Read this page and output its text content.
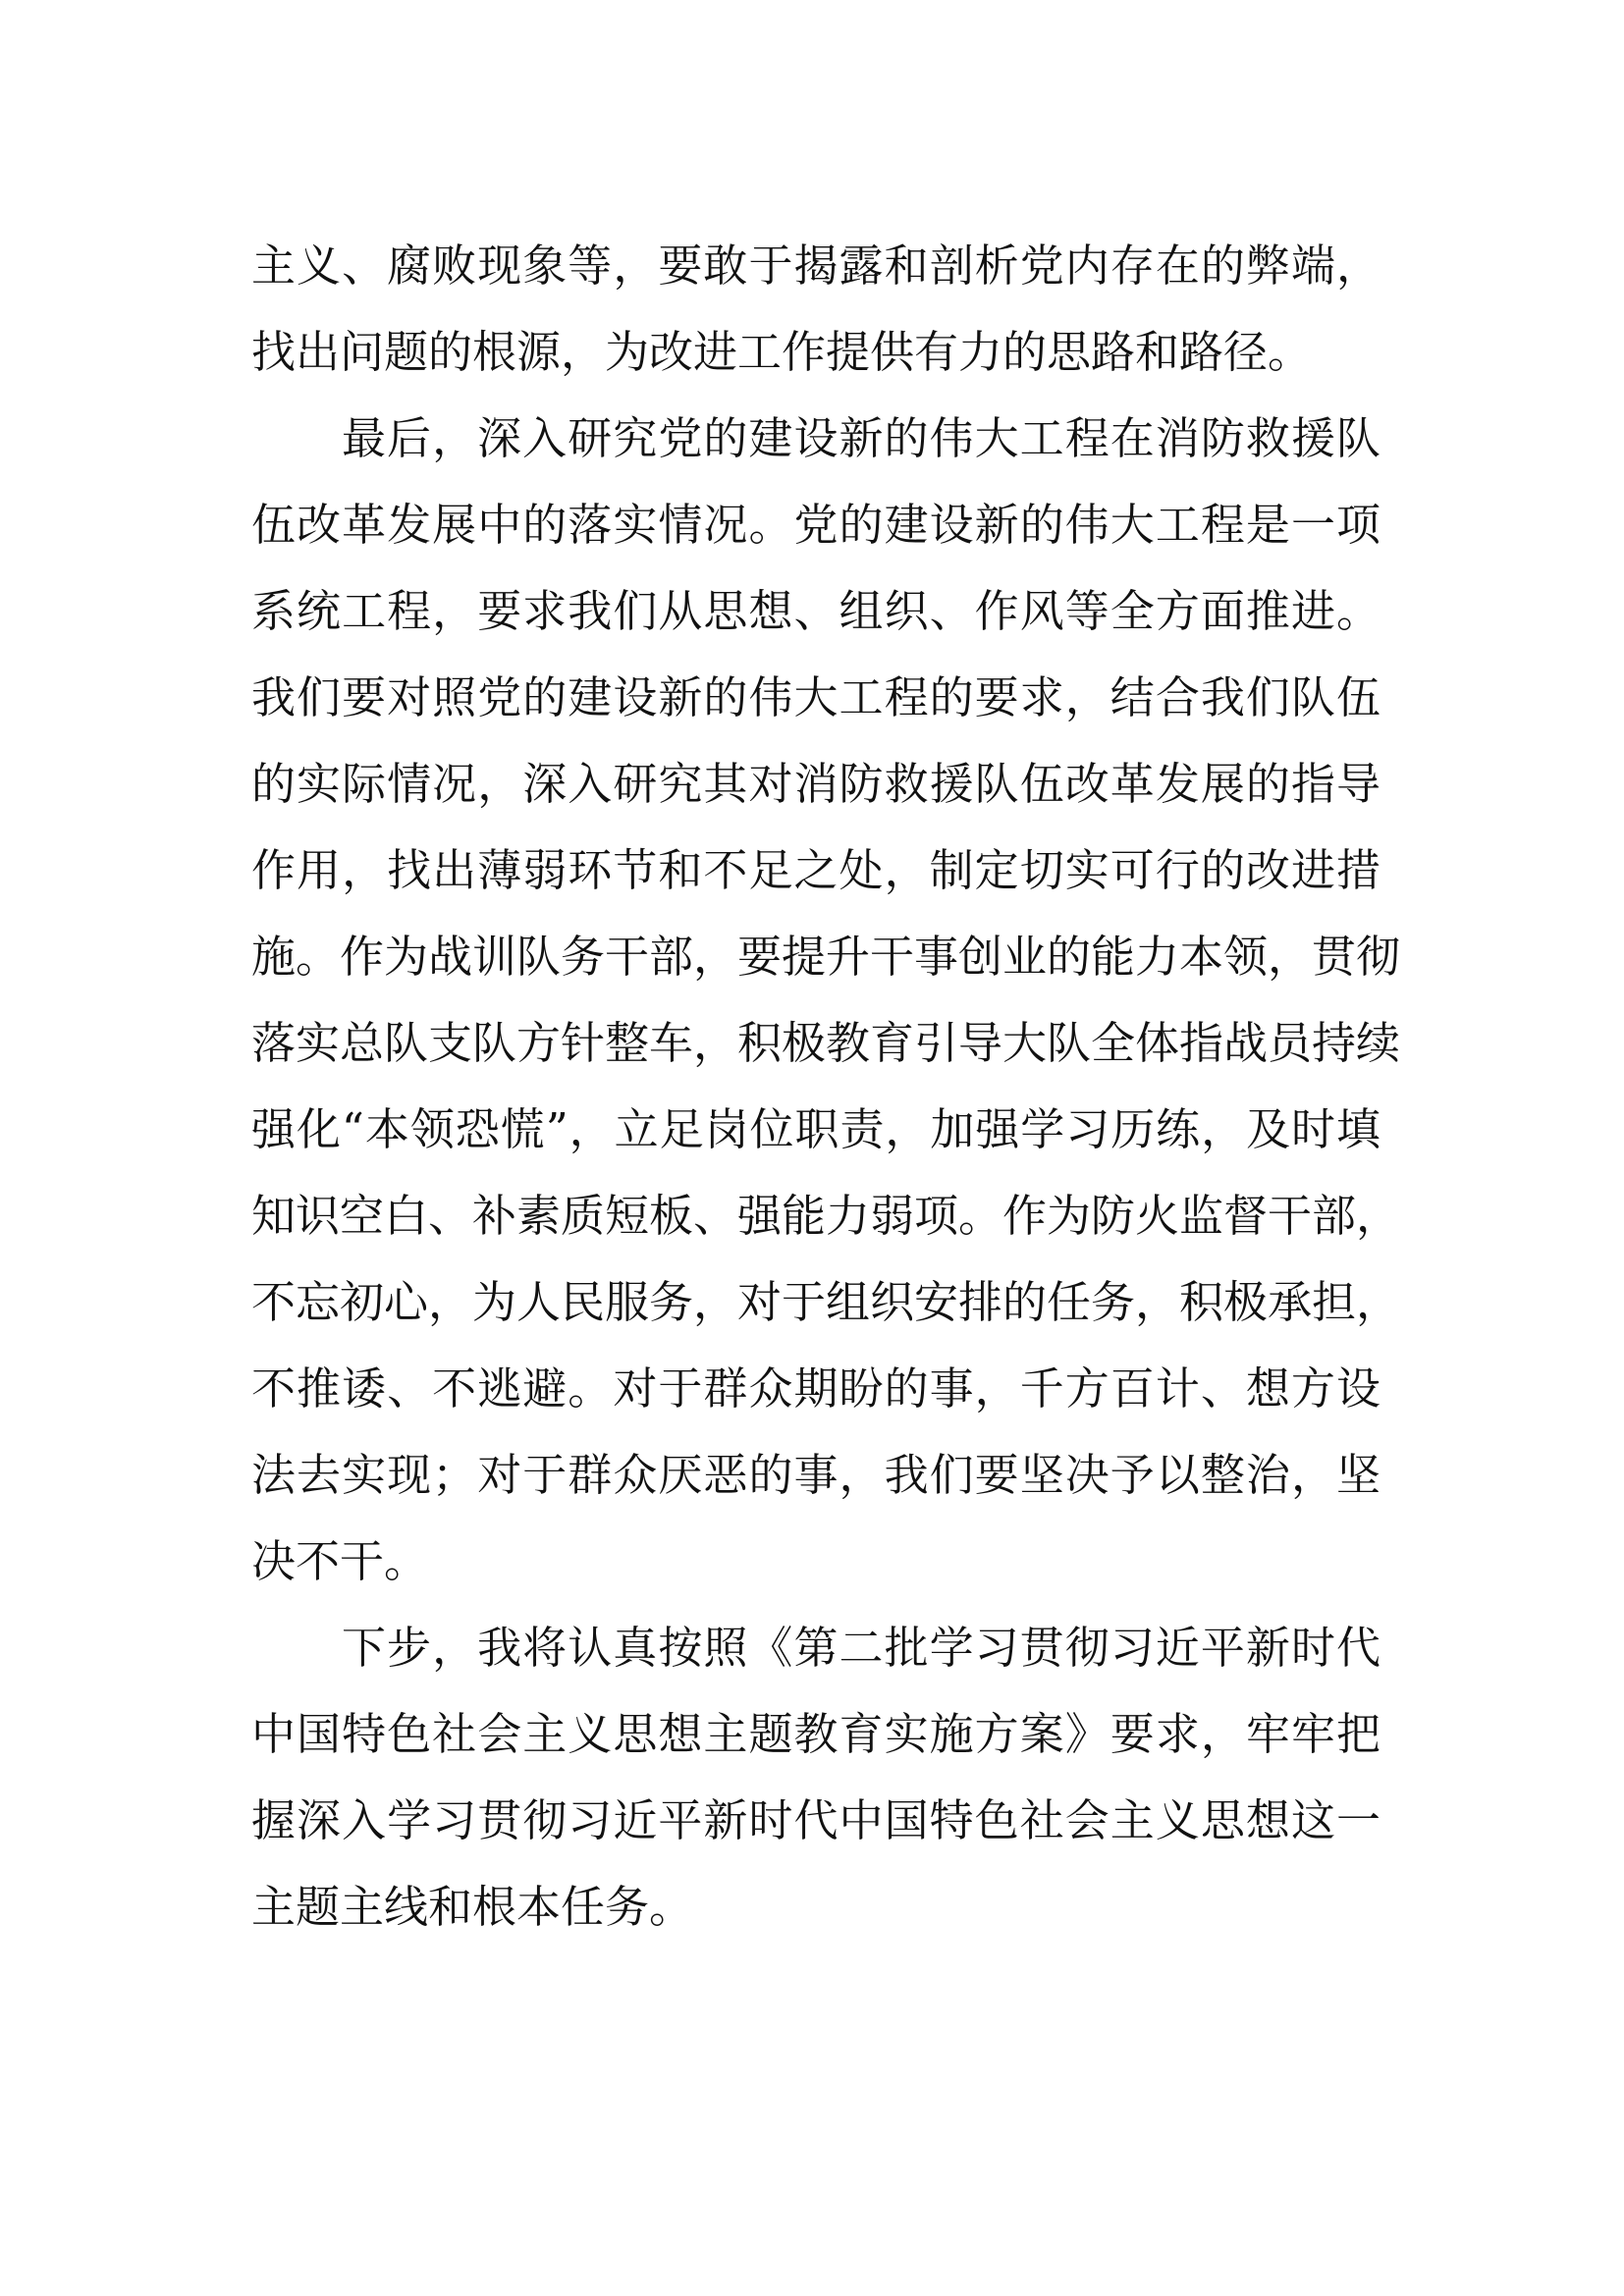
主义、腐败现象等，要敢于揭露和剖析党内存在的弊端，
找出问题的根源，为改进工作提供有力的思路和路径。
最后，深入研究党的建设新的伟大工程在消防救援队
伍改革发展中的落实情况。党的建设新的伟大工程是一项
系统工程，要求我们从思想、组织、作风等全方面推进。
我们要对照党的建设新的伟大工程的要求，结合我们队伍
的实际情况，深入研究其对消防救援队伍改革发展的指导
作用，找出薄弱环节和不足之处，制定切实可行的改进措
施。作为战训队务干部，要提升干事创业的能力本领，贯彻
落实总队支队方针整车，积极教育引导大队全体指战员持续
强化“本领恐慌”，立足岗位职责，加强学习历练，及时填
知识空白、补素质短板、强能力弱项。作为防火监督干部，
不忘初心，为人民服务，对于组织安排的任务，积极承担，
不推诿、不逃避。对于群众期盼的事，千方百计、想方设
法去实现；对于群众厌恶的事，我们要坚决予以整治，坚
决不干。
下步，我将认真按照《第二批学习贯彻习近平新时代
中国特色社会主义思想主题教育实施方案》要求，牢牢把
握深入学习贯彻习近平新时代中国特色社会主义思想这一
主题主线和根本任务。
